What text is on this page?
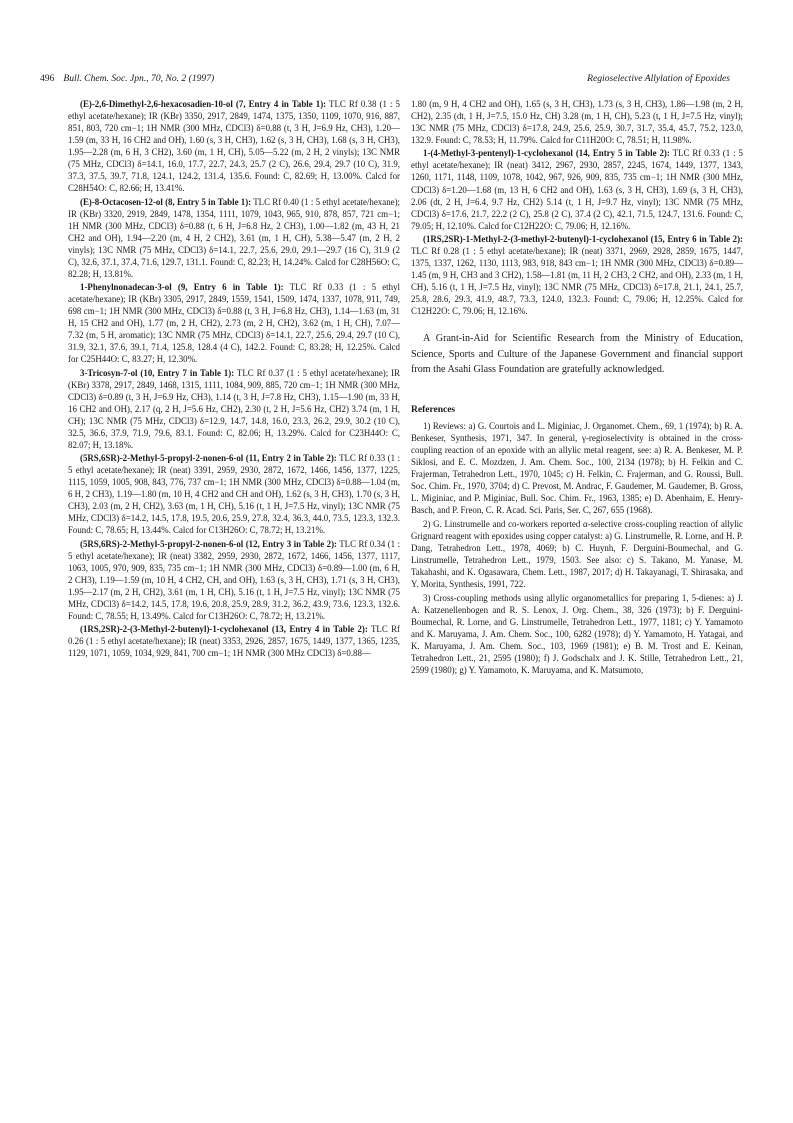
496 Bull. Chem. Soc. Jpn., 70, No. 2 (1997)	Regioselective Allylation of Epoxides

(E)-2,6-Dimethyl-2,6-hexacosadien-10-ol (7, Entry 4 in Table 1): TLC Rf 0.38 (1 : 5 ethyl acetate/hexane); IR (KBr) 3350, 2917, 2849, 1474, 1375, 1350, 1109, 1070, 916, 887, 851, 803, 720 cm−1; 1H NMR (300 MHz, CDCl3) δ=0.88 (t, 3 H, J=6.9 Hz, CH3), 1.20—1.59 (m, 33 H, 16 CH2 and OH), 1.60 (s, 3 H, CH3), 1.62 (s, 3 H, CH3), 1.68 (s, 3 H, CH3), 1.95—2.28 (m, 6 H, 3 CH2), 3.60 (m, 1 H, CH), 5.05—5.22 (m, 2 H, 2 vinyls); 13C NMR (75 MHz, CDCl3) δ=14.1, 16.0, 17.7, 22.7, 24.3, 25.7 (2 C), 26.6, 29.4, 29.7 (10 C), 31.9, 37.3, 37.5, 39.7, 71.8, 124.1, 124.2, 131.4, 135.6. Found: C, 82.69; H, 13.00%. Calcd for C28H54O: C, 82.66; H, 13.41%.

(E)-8-Octacosen-12-ol (8, Entry 5 in Table 1): TLC Rf 0.40 (1 : 5 ethyl acetate/hexane); IR (KBr) 3320, 2919, 2849, 1478, 1354, 1111, 1079, 1043, 965, 910, 878, 857, 721 cm−1; 1H NMR (300 MHz, CDCl3) δ=0.88 (t, 6 H, J=6.8 Hz, 2 CH3), 1.00—1.82 (m, 43 H, 21 CH2 and OH), 1.94—2.20 (m, 4 H, 2 CH2), 3.61 (m, 1 H, CH), 5.38—5.47 (m, 2 H, 2 vinyls); 13C NMR (75 MHz, CDCl3) δ=14.1, 22.7, 25.6, 29.0, 29.1—29.7 (16 C), 31.9 (2 C), 32.6, 37.1, 37.4, 71.6, 129.7, 131.1. Found: C, 82.23; H, 14.24%. Calcd for C28H56O: C, 82.28; H, 13.81%.

1-Phenylnonadecan-3-ol (9, Entry 6 in Table 1): TLC Rf 0.33 (1 : 5 ethyl acetate/hexane); IR (KBr) 3305, 2917, 2849, 1559, 1541, 1509, 1474, 1337, 1078, 911, 749, 698 cm−1; 1H NMR (300 MHz, CDCl3) δ=0.88 (t, 3 H, J=6.8 Hz, CH3), 1.14—1.63 (m, 31 H, 15 CH2 and OH), 1.77 (m, 2 H, CH2), 2.73 (m, 2 H, CH2), 3.62 (m, 1 H, CH), 7.07—7.32 (m, 5 H, aromatic); 13C NMR (75 MHz, CDCl3) δ=14.1, 22.7, 25.6, 29.4, 29.7 (10 C), 31.9, 32.1, 37.6, 39.1, 71.4, 125.8, 128.4 (4 C), 142.2. Found: C, 83.28; H, 12.25%. Calcd for C25H44O: C, 83.27; H, 12.30%.

3-Tricosyn-7-ol (10, Entry 7 in Table 1): TLC Rf 0.37 (1 : 5 ethyl acetate/hexane); IR (KBr) 3378, 2917, 2849, 1468, 1315, 1111, 1084, 909, 885, 720 cm−1; 1H NMR (300 MHz, CDCl3) δ=0.89 (t, 3 H, J=6.9 Hz, CH3), 1.14 (t, 3 H, J=7.8 Hz, CH3), 1.15—1.90 (m, 33 H, 16 CH2 and OH), 2.17 (q, 2 H, J=5.6 Hz, CH2), 2.30 (t, 2 H, J=5.6 Hz, CH2) 3.74 (m, 1 H, CH); 13C NMR (75 MHz, CDCl3) δ=12.9, 14.7, 14.8, 16.0, 23.3, 26.2, 29.9, 30.2 (10 C), 32.5, 36.6, 37.9, 71.9, 79.6, 83.1. Found: C, 82.06; H, 13.29%. Calcd for C23H44O: C, 82.07; H, 13.18%.

(5RS,6SR)-2-Methyl-5-propyl-2-nonen-6-ol (11, Entry 2 in Table 2): TLC Rf 0.33 (1 : 5 ethyl acetate/hexane); IR (neat) 3391, 2959, 2930, 2872, 1672, 1466, 1456, 1377, 1225, 1115, 1059, 1005, 908, 843, 776, 737 cm−1; 1H NMR (300 MHz, CDCl3) δ=0.88—1.04 (m, 6 H, 2 CH3), 1.19—1.80 (m, 10 H, 4 CH2 and CH and OH), 1.62 (s, 3 H, CH3), 1.70 (s, 3 H, CH3), 2.03 (m, 2 H, CH2), 3.63 (m, 1 H, CH), 5.16 (t, 1 H, J=7.5 Hz, vinyl); 13C NMR (75 MHz, CDCl3) δ=14.2, 14.5, 17.8, 19.5, 20.6, 25.9, 27.8, 32.4, 36.3, 44.0, 73.5, 123.3, 132.3. Found: C, 78.65; H, 13.44%. Calcd for C13H26O: C, 78.72; H, 13.21%.

(5RS,6RS)-2-Methyl-5-propyl-2-nonen-6-ol (12, Entry 3 in Table 2): TLC Rf 0.34 (1 : 5 ethyl acetate/hexane); IR (neat) 3382, 2959, 2930, 2872, 1672, 1466, 1456, 1377, 1117, 1063, 1005, 970, 909, 835, 735 cm−1; 1H NMR (300 MHz, CDCl3) δ=0.89—1.00 (m, 6 H, 2 CH3), 1.19—1.59 (m, 10 H, 4 CH2, CH, and OH), 1.63 (s, 3 H, CH3), 1.71 (s, 3 H, CH3), 1.95—2.17 (m, 2 H, CH2), 3.61 (m, 1 H, CH), 5.16 (t, 1 H, J=7.5 Hz, vinyl); 13C NMR (75 MHz, CDCl3) δ=14.2, 14.5, 17.8, 19.6, 20.8, 25.9, 28.9, 31.2, 36.2, 43.9, 73.6, 123.3, 132.6. Found: C, 78.55; H, 13.49%. Calcd for C13H26O: C, 78.72; H, 13.21%.

(1RS,2SR)-2-(3-Methyl-2-butenyl)-1-cyclohexanol (13, Entry 4 in Table 2): TLC Rf 0.26 (1 : 5 ethyl acetate/hexane); IR (neat) 3353, 2926, 2857, 1675, 1449, 1377, 1365, 1235, 1129, 1071, 1059, 1034, 929, 841, 700 cm−1; 1H NMR (300 MHz CDCl3) δ=0.88—

1.80 (m, 9 H, 4 CH2 and OH), 1.65 (s, 3 H, CH3), 1.73 (s, 3 H, CH3), 1.86—1.98 (m, 2 H, CH2), 2.35 (dt, 1 H, J=7.5, 15.0 Hz, CH) 3.28 (m, 1 H, CH), 5.23 (t, 1 H, J=7.5 Hz, vinyl); 13C NMR (75 MHz, CDCl3) δ=17.8, 24.9, 25.6, 25.9, 30.7, 31.7, 35.4, 45.7, 75.2, 123.0, 132.9. Found: C, 78.53; H, 11.79%. Calcd for C11H20O: C, 78.51; H, 11.98%.

1-(4-Methyl-3-pentenyl)-1-cyclohexanol (14, Entry 5 in Table 2): TLC Rf 0.33 (1 : 5 ethyl acetate/hexane); IR (neat) 3412, 2967, 2930, 2857, 2245, 1674, 1449, 1377, 1343, 1260, 1171, 1148, 1109, 1078, 1042, 967, 926, 909, 835, 735 cm−1; 1H NMR (300 MHz, CDCl3) δ=1.20—1.68 (m, 13 H, 6 CH2 and OH), 1.63 (s, 3 H, CH3), 1.69 (s, 3 H, CH3), 2.06 (dt, 2 H, J=6.4, 9.7 Hz, CH2) 5.14 (t, 1 H, J=9.7 Hz, vinyl); 13C NMR (75 MHz, CDCl3) δ=17.6, 21.7, 22.2 (2 C), 25.8 (2 C), 37.4 (2 C), 42.1, 71.5, 124.7, 131.6. Found: C, 79.05; H, 12.10%. Calcd for C12H22O: C, 79.06; H, 12.16%.

(1RS,2SR)-1-Methyl-2-(3-methyl-2-butenyl)-1-cyclohexanol (15, Entry 6 in Table 2): TLC Rf 0.28 (1 : 5 ethyl acetate/hexane); IR (neat) 3371, 2969, 2928, 2859, 1675, 1447, 1375, 1337, 1262, 1130, 1113, 983, 918, 843 cm−1; 1H NMR (300 MHz, CDCl3) δ=0.89—1.45 (m, 9 H, CH3 and 3 CH2), 1.58—1.81 (m, 11 H, 2 CH3, 2 CH2, and OH), 2.33 (m, 1 H, CH), 5.16 (t, 1 H, J=7.5 Hz, vinyl); 13C NMR (75 MHz, CDCl3) δ=17.8, 21.1, 24.1, 25.7, 25.8, 28.6, 29.3, 41.9, 48.7, 73.3, 124.0, 132.3. Found: C, 79.06; H, 12.25%. Calcd for C12H22O: C, 79.06; H, 12.16%.

A Grant-in-Aid for Scientific Research from the Ministry of Education, Science, Sports and Culture of the Japanese Government and financial support from the Asahi Glass Foundation are gratefully acknowledged.

References

1) Reviews: a) G. Courtois and L. Miginiac, J. Organomet. Chem., 69, 1 (1974); b) R. A. Benkeser, Synthesis, 1971, 347. In general, γ-regioselectivity is obtained in the cross-coupling reaction of an epoxide with an allylic metal reagent, see: a) R. A. Benkeser, M. P. Siklosi, and E. C. Mozdzen, J. Am. Chem. Soc., 100, 2134 (1978); b) H. Felkin and C. Frajerman, Tetrahedron Lett., 1970, 1045; c) H. Felkin, C. Frajerman, and G. Roussi, Bull. Soc. Chim. Fr., 1970, 3704; d) C. Prevost, M. Andrac, F. Gaudemer, M. Gaudemer, B. Gross, L. Miginiac, and P. Miginiac, Bull. Soc. Chim. Fr., 1963, 1385; e) D. Abenhaim, E. Henry-Basch, and P. Freon, C. R. Acad. Sci. Paris, Ser. C, 267, 655 (1968).

2) G. Linstrumelle and co-workers reported α-selective cross-coupling reaction of allylic Grignard reagent with epoxides using copper catalyst: a) G. Linstrumelle, R. Lorne, and H. P. Dang, Tetrahedron Lett., 1978, 4069; b) C. Huynh, F. Derguini-Boumechal, and G. Linstrumelle, Tetrahedron Lett., 1979, 1503. See also: c) S. Takano, M. Yanase, M. Takahashi, and K. Ogasawara, Chem. Lett., 1987, 2017; d) H. Takayanagi, T. Shirasaka, and Y. Morita, Synthesis, 1991, 722.

3) Cross-coupling methods using allylic organometallics for preparing 1, 5-dienes: a) J. A. Katzenellenbogen and R. S. Lenox, J. Org. Chem., 38, 326 (1973); b) F. Derguini-Boumechal, R. Lorne, and G. Linstrumelle, Tetrahedron Lett., 1977, 1181; c) Y. Yamamoto and K. Maruyama, J. Am. Chem. Soc., 100, 6282 (1978); d) Y. Yamamoto, H. Yatagai, and K. Maruyama, J. Am. Chem. Soc., 103, 1969 (1981); e) B. M. Trost and E. Keinan, Tetrahedron Lett., 21, 2595 (1980); f) J. Godschalx and J. K. Stille, Tetrahedron Lett., 21, 2599 (1980); g) Y. Yamamoto, K. Maruyama, and K. Matsumoto,
